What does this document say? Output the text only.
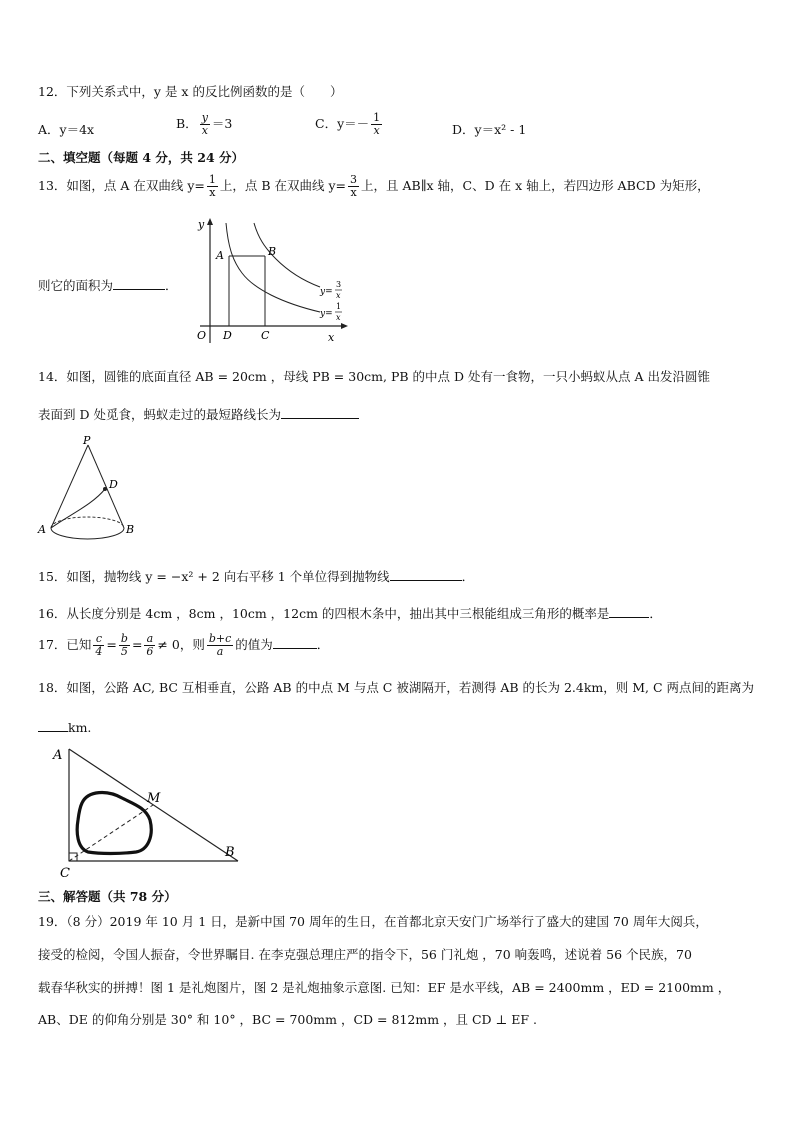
12．下列关系式中，y 是 x 的反比例函数的是（　　）
A．y＝4x	B． $\frac{y}{x} =3$	C．$y=- \frac{1}{x}$	D．y＝x² - 1
二、填空题（每题 4 分，共 24 分）
13．如图，点 A 在双曲线 $y= \frac{1}{x}$ 上，点 B 在双曲线 $y= \frac{3}{x}$ 上，且 AB∥x 轴，C、D 在 x 轴上，若四边形 ABCD 为矩形，
则它的面积为	．
y
x
O
A	B
D	C
y=
3
x
y=
1
x
14．如图，圆锥的底面直径 AB = 20cm ，母线 PB = 30cm, PB 的中点 D 处有一食物，一只小蚂蚁从点 A 出发沿圆锥
表面到 D 处觅食，蚂蚁走过的最短路线长为
P
D
A	B
15．如图，抛物线 y = −x² + 2 向右平移 1 个单位得到抛物线	．
16．从长度分别是 4cm ，8cm ，10cm ，12cm 的四根木条中，抽出其中三根能组成三角形的概率是	．
17．已知 $\frac{c}{4} = \frac{b}{5} = \frac{a}{6} \ne 0$，则 $\frac{b+c}{a}$ 的值为	．
18．如图，公路 AC, BC 互相垂直，公路 AB 的中点 M 与点 C 被湖隔开，若测得 AB 的长为 2.4km，则 M, C 两点间的距离为
km.
A
M
B
C
三、解答题（共 78 分）
19．（8 分）2019 年 10 月 1 日，是新中国 70 周年的生日，在首都北京天安门广场举行了盛大的建国 70 周年大阅兵，
接受的检阅，令国人振奋，令世界瞩目. 在李克强总理庄严的指令下，56 门礼炮 ，70 响轰鸣，述说着 56 个民族，70
载春华秋实的拼搏！图 1 是礼炮图片，图 2 是礼炮抽象示意图. 已知：EF 是水平线，AB = 2400mm ，ED = 2100mm ，
AB、DE 的仰角分别是 30° 和 10° ，BC = 700mm ，CD = 812mm ，且 CD ⊥ EF .
